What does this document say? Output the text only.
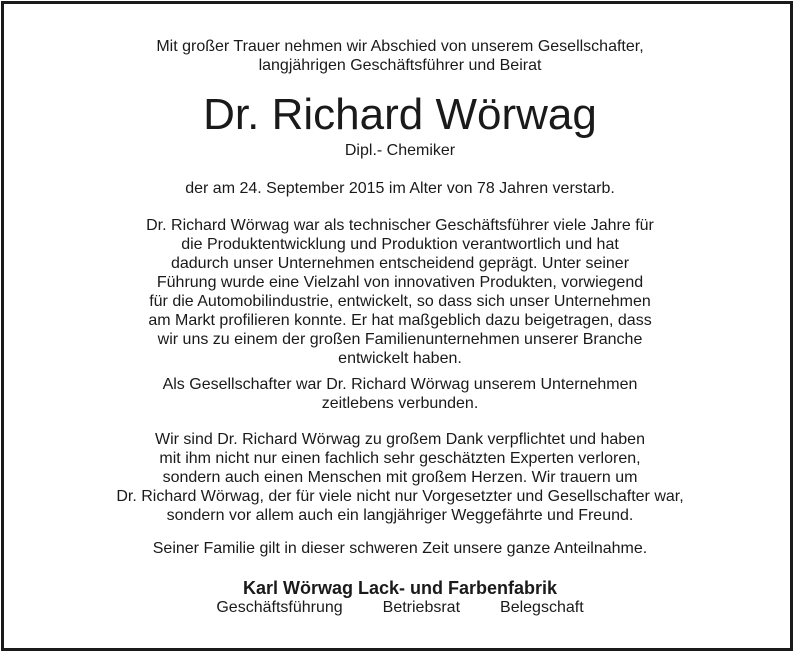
Mit großer Trauer nehmen wir Abschied von unserem Gesellschafter,
langjährigen Geschäftsführer und Beirat
Dr. Richard Wörwag
Dipl.- Chemiker
der am 24. September 2015 im Alter von 78 Jahren verstarb.
Dr. Richard Wörwag war als technischer Geschäftsführer viele Jahre für
die Produktentwicklung und Produktion verantwortlich und hat
dadurch unser Unternehmen entscheidend geprägt. Unter seiner
Führung wurde eine Vielzahl von innovativen Produkten, vorwiegend
für die Automobilindustrie, entwickelt, so dass sich unser Unternehmen
am Markt profilieren konnte. Er hat maßgeblich dazu beigetragen, dass
wir uns zu einem der großen Familienunternehmen unserer Branche
entwickelt haben.
Als Gesellschafter war Dr. Richard Wörwag unserem Unternehmen
zeitlebens verbunden.
Wir sind Dr. Richard Wörwag zu großem Dank verpflichtet und haben
mit ihm nicht nur einen fachlich sehr geschätzten Experten verloren,
sondern auch einen Menschen mit großem Herzen. Wir trauern um
Dr. Richard Wörwag, der für viele nicht nur Vorgesetzter und Gesellschafter war,
sondern vor allem auch ein langjähriger Weggefährte und Freund.
Seiner Familie gilt in dieser schweren Zeit unsere ganze Anteilnahme.
Karl Wörwag Lack- und Farbenfabrik
Geschäftsführung	Betriebsrat	Belegschaft
